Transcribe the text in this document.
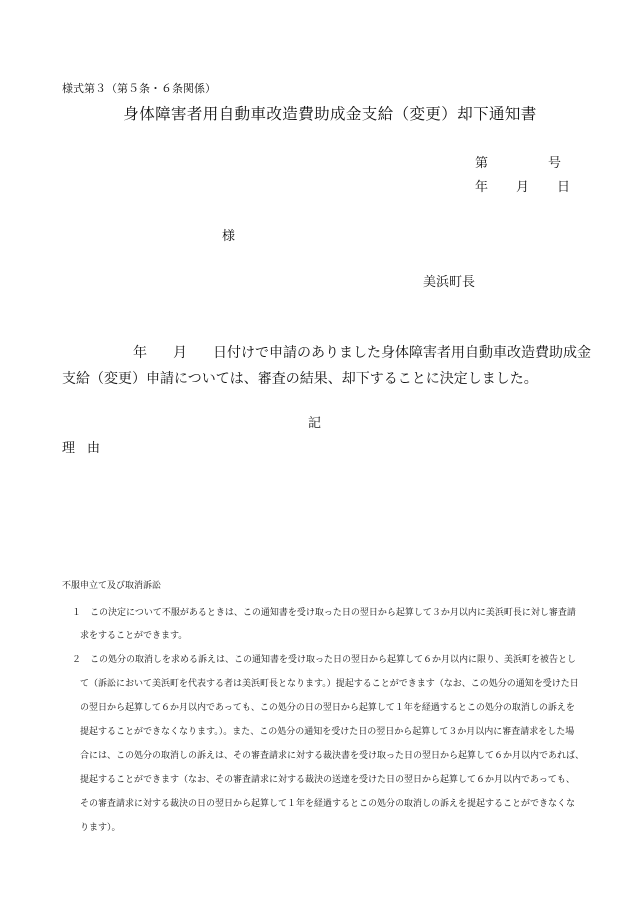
様式第３（第５条・６条関係）
身体障害者用自動車改造費助成金支給（変更）却下通知書
第	号
年 月 日
様
美浜町長
年 月 日付けで申請のありました身体障害者用自動車改造費助成金
支給（変更）申請については、審査の結果、却下することに決定しました。
記
理 由
不服申立て及び取消訴訟
１ この決定について不服があるときは、この通知書を受け取った日の翌日から起算して３か月以内に美浜町長に対し審査請
求をすることができます。
２ この処分の取消しを求める訴えは、この通知書を受け取った日の翌日から起算して６か月以内に限り、美浜町を被告とし
て（訴訟において美浜町を代表する者は美浜町長となります。）提起することができます（なお、この処分の通知を受けた日
の翌日から起算して６か月以内であっても、この処分の日の翌日から起算して１年を経過するとこの処分の取消しの訴えを
提起することができなくなります。）。また、この処分の通知を受けた日の翌日から起算して３か月以内に審査請求をした場
合には、この処分の取消しの訴えは、その審査請求に対する裁決書を受け取った日の翌日から起算して６か月以内であれば、
提起することができます（なお、その審査請求に対する裁決の送達を受けた日の翌日から起算して６か月以内であっても、
その審査請求に対する裁決の日の翌日から起算して１年を経過するとこの処分の取消しの訴えを提起することができなくな
ります）。
